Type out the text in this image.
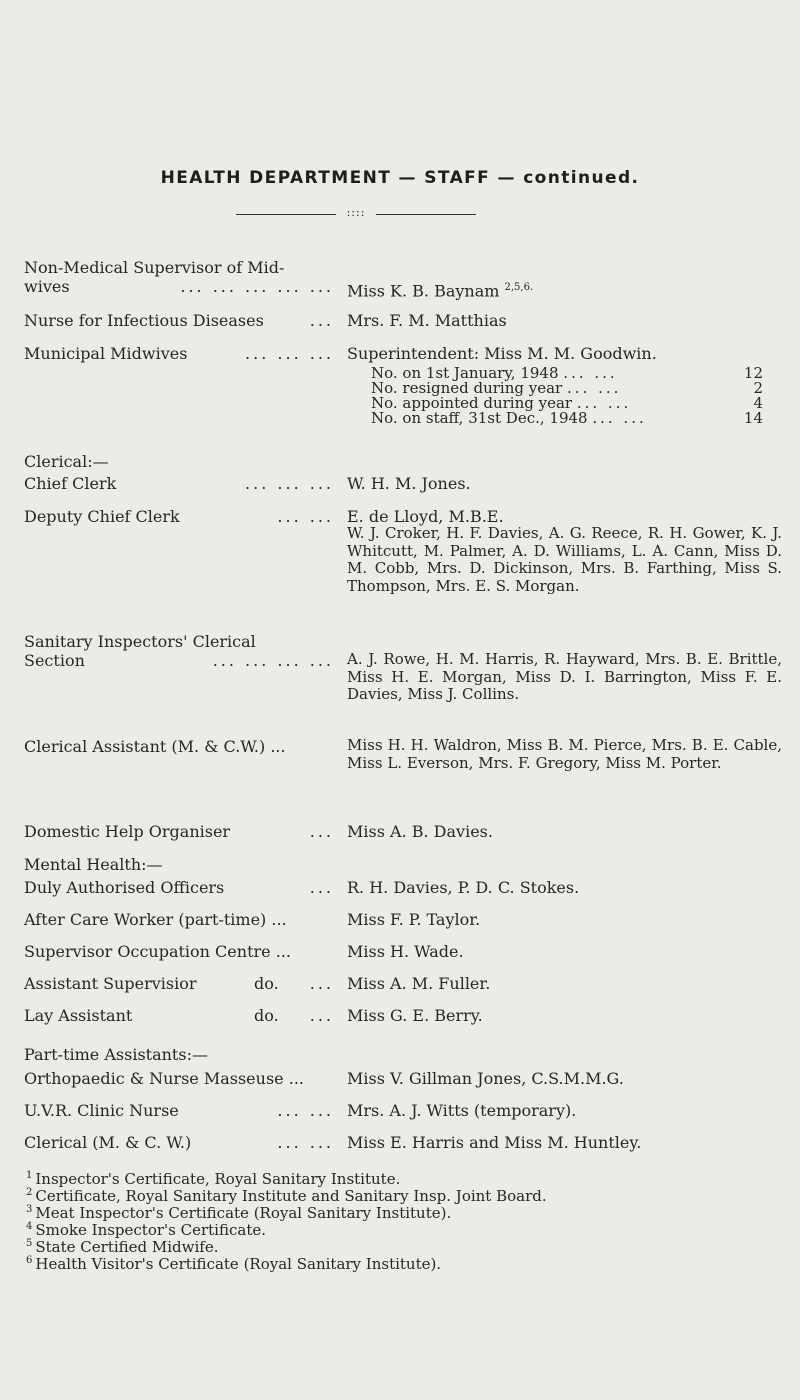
HEALTH DEPARTMENT — STAFF — continued.
::::
Non-Medical Supervisor of Mid-
wives	... ... ... ... ... Miss K. B. Baynam $^{2,5,6.}$
Nurse for Infectious Diseases	... Mrs. F. M. Matthias
Municipal Midwives	... ... ... Superintendent: Miss M. M. Goodwin.
No. on 1st January, 1948 ... ...	12
No. resigned during year ... ...	2
No. appointed during year ... ...	4
No. on staff, 31st Dec., 1948 ... ...	14
Clerical:—
Chief Clerk	... ... ... W. H. M. Jones.
Deputy Chief Clerk	... ... E. de Lloyd, M.B.E.
W. J. Croker, H. F. Davies, A. G. Reece, R. H. Gower, K. J. Whitcutt, M. Palmer, A. D. Williams, L. A. Cann, Miss D. M. Cobb, Mrs. D. Dickinson, Mrs. B. Farthing, Miss S. Thompson, Mrs. E. S. Morgan.
Sanitary Inspectors' Clerical
Section	... ... ... ... A. J. Rowe, H. M. Harris, R. Hayward, Mrs. B. E. Brittle, Miss H. E. Morgan, Miss D. I. Barrington, Miss F. E. Davies, Miss J. Collins.
Clerical Assistant (M. & C.W.) ...	Miss H. H. Waldron, Miss B. M. Pierce, Mrs. B. E. Cable, Miss L. Everson, Mrs. F. Gregory, Miss M. Porter.
Domestic Help Organiser	... Miss A. B. Davies.
Mental Health:—
Duly Authorised Officers	... R. H. Davies, P. D. C. Stokes.
After Care Worker (part-time) ...	Miss F. P. Taylor.
Supervisor Occupation Centre ...	Miss H. Wade.
Assistant Supervisior	do. ... Miss A. M. Fuller.
Lay Assistant	do. ... Miss G. E. Berry.
Part-time Assistants:—
Orthopaedic & Nurse Masseuse ...	Miss V. Gillman Jones, C.S.M.M.G.
U.V.R. Clinic Nurse	... ... Mrs. A. J. Witts (temporary).
Clerical (M. & C. W.)	... ... Miss E. Harris and Miss M. Huntley.
$^1$ Inspector's Certificate, Royal Sanitary Institute.
$^2$ Certificate, Royal Sanitary Institute and Sanitary Insp. Joint Board.
$^3$ Meat Inspector's Certificate (Royal Sanitary Institute).
$^4$ Smoke Inspector's Certificate.
$^5$ State Certified Midwife.
$^6$ Health Visitor's Certificate (Royal Sanitary Institute).
